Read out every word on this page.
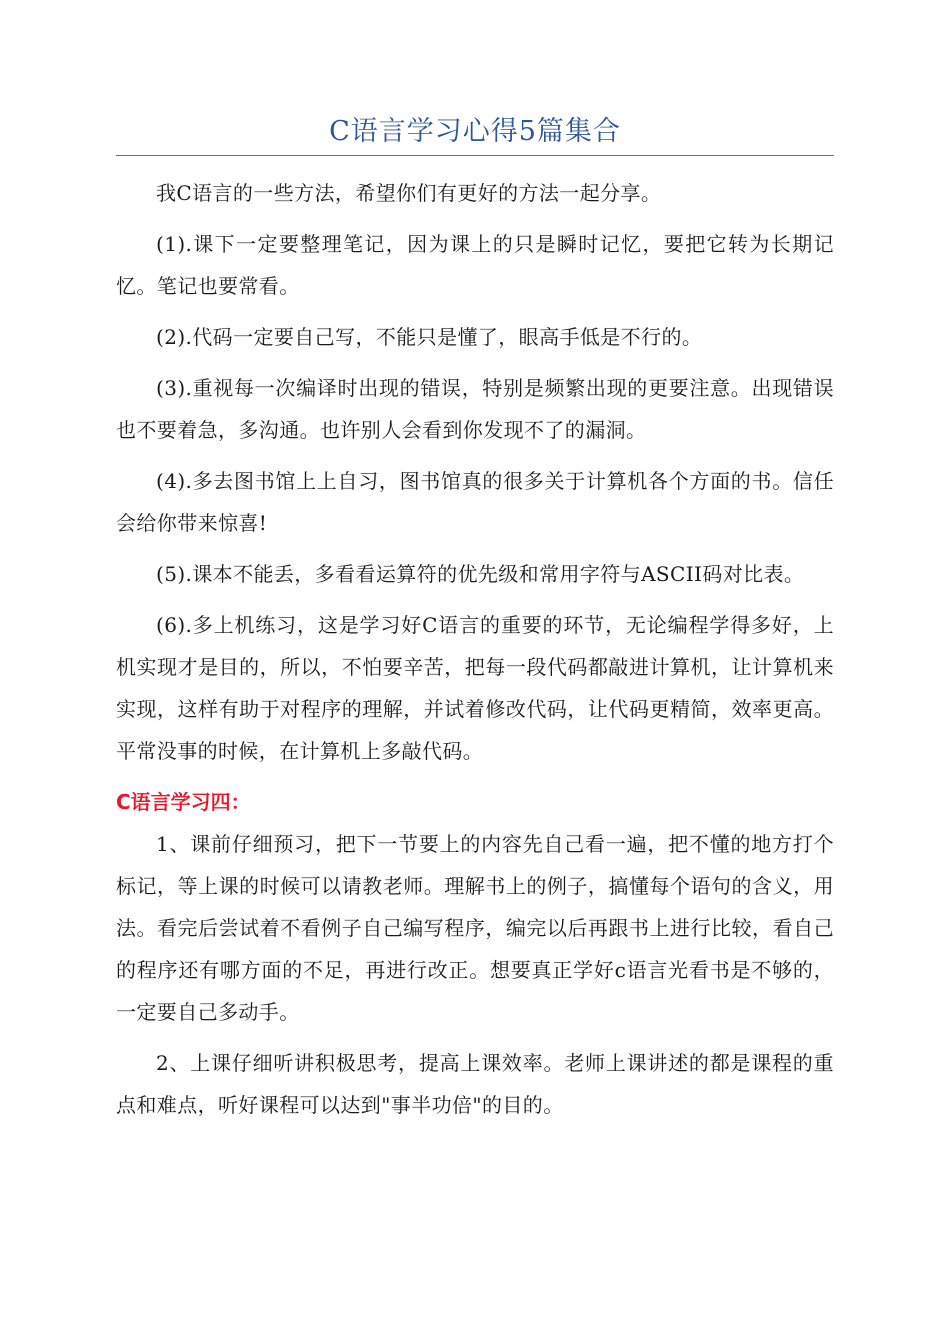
C语言学习心得5篇集合

我C语言的一些方法，希望你们有更好的方法一起分享。

(1).课下一定要整理笔记，因为课上的只是瞬时记忆，要把它转为长期记忆。笔记也要常看。

(2).代码一定要自己写，不能只是懂了，眼高手低是不行的。

(3).重视每一次编译时出现的错误，特别是频繁出现的更要注意。出现错误也不要着急，多沟通。也许别人会看到你发现不了的漏洞。

(4).多去图书馆上上自习，图书馆真的很多关于计算机各个方面的书。信任会给你带来惊喜!

(5).课本不能丢，多看看运算符的优先级和常用字符与ASCII码对比表。

(6).多上机练习，这是学习好C语言的重要的环节，无论编程学得多好，上机实现才是目的，所以，不怕要辛苦，把每一段代码都敲进计算机，让计算机来实现，这样有助于对程序的理解，并试着修改代码，让代码更精简，效率更高。平常没事的时候，在计算机上多敲代码。

C语言学习四：

1、课前仔细预习，把下一节要上的内容先自己看一遍，把不懂的地方打个标记，等上课的时候可以请教老师。理解书上的例子，搞懂每个语句的含义，用法。看完后尝试着不看例子自己编写程序，编完以后再跟书上进行比较，看自己的程序还有哪方面的不足，再进行改正。想要真正学好c语言光看书是不够的，一定要自己多动手。

2、上课仔细听讲积极思考，提高上课效率。老师上课讲述的都是课程的重点和难点，听好课程可以达到"事半功倍"的目的。
